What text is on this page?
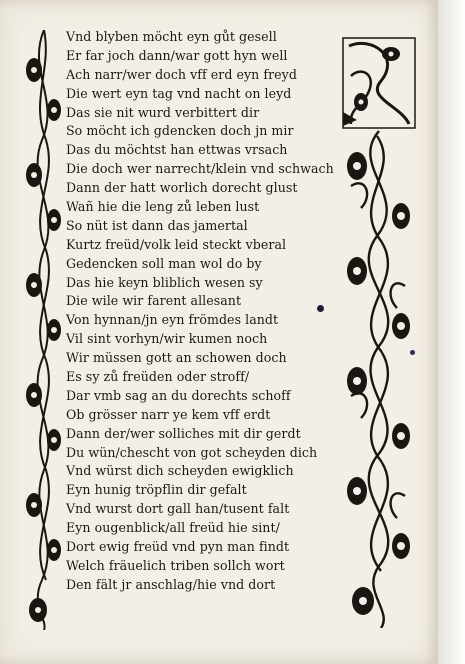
Vnd blyben möcht eyn gůt gesell
Er far joch dann/war gott hyn well
Ach narr/wer doch vff erd eyn freyd
Die wert eyn tag vnd nacht on leyd
Das sie nit wurd verbittert dir
So möcht ich gdencken doch jn mir
Das du möchtst han ettwas vrsach
Die doch wer narrecht/klein vnd schwach
Dann der hatt worlich dorecht glust
Wañ hie die leng zů leben lust
So nüt ist dann das jamertal
Kurtz freüd/volk leid steckt vberal
Gedencken soll man wol do by
Das hie keyn bliblich wesen sy
Die wile wir farent allesant
Von hynnan/jn eyn frömdes landt
Vil sint vorhyn/wir kumen noch
Wir müssen gott an schowen doch
Es sy zů freüden oder stroff/
Dar vmb sag an du dorechts schoff
Ob grösser narr ye kem vff erdt
Dann der/wer solliches mit dir gerdt
Du wün/chescht von got scheyden dich
Vnd würst dich scheyden ewigklich
Eyn hunig tröpflin dir gefalt
Vnd wurst dort gall han/tusent falt
Eyn ougenblick/all freüd hie sint/
Dort ewig freüd vnd pyn man findt
Welch fräuelich triben sollch wort
Den fält jr anschlag/hie vnd dort
